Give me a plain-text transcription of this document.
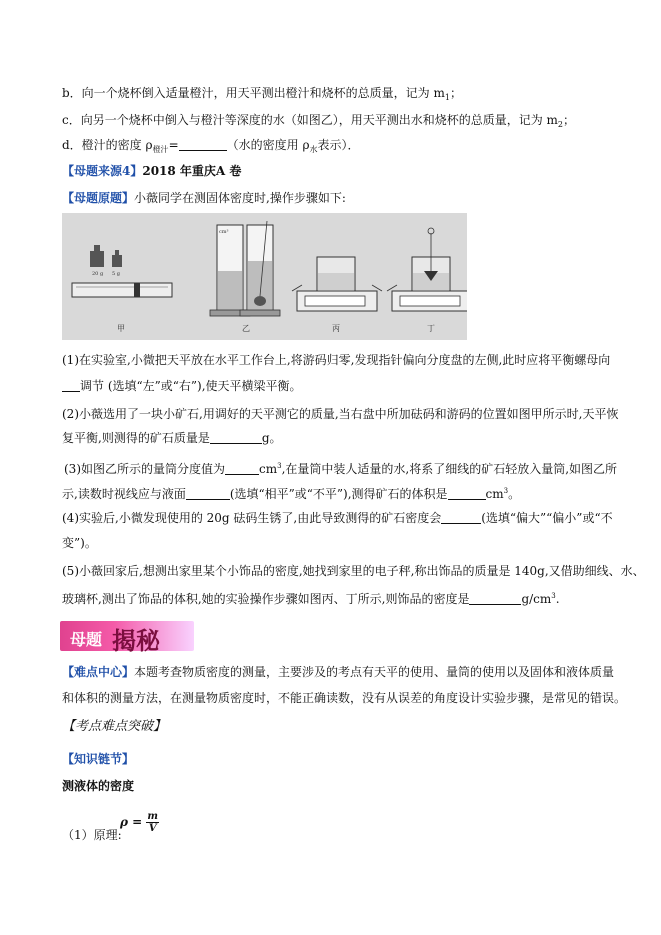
b．向一个烧杯倒入适量橙汁，用天平测出橙汁和烧杯的总质量，记为 $m_1$；
c．向另一个烧杯中倒入与橙汁等深度的水（如图乙），用天平测出水和烧杯的总质量，记为 $m_2$；
d．橙汁的密度 $\rho_{橙汁}=$	（水的密度用 $\rho_水$表示）．
【母题来源4】2018 年重庆A 卷
【母题原题】小薇同学在测固体密度时,操作步骤如下:
20 g 5 g
cm³
甲	乙	丙	丁
(1)在实验室,小微把天平放在水平工作台上,将游码归零,发现指针偏向分度盘的左侧,此时应将平衡螺母向
调节 (选填“左”或“右”),使天平横梁平衡。
(2)小薇选用了一块小矿石,用调好的天平测它的质量,当右盘中所加砝码和游码的位置如图甲所示时,天平恢
复平衡,则测得的矿石质量是	g。
(3)如图乙所示的量筒分度值为	$cm^3$,在量筒中装人适量的水,将系了细线的矿石轻放入量筒,如图乙所
示,读数时视线应与液面	(选填“相平”或“不平”),测得矿石的体积是	$cm^3$。
(4)实验后,小微发现使用的 20g 砝码生锈了,由此导致测得的矿石密度会	(选填“偏大”“偏小”或“不
变”)。
(5)小薇回家后,想测出家里某个小饰品的密度,她找到家里的电子秤,称出饰品的质量是 140g,又借助细线、水、
玻璃杯,测出了饰品的体积,她的实验操作步骤如图丙、丁所示,则饰品的密度是	$g/cm^3$.
母题 揭秘
【难点中心】本题考查物质密度的测量，主要涉及的考点有天平的使用、量筒的使用以及固体和液体质量
和体积的测量方法，在测量物质密度时，不能正确读数，没有从误差的角度设计实验步骤，是常见的错误。
【考点难点突破】
【知识链节】
测液体的密度
（1）原理:
$\rho = \frac{m}{V}$
